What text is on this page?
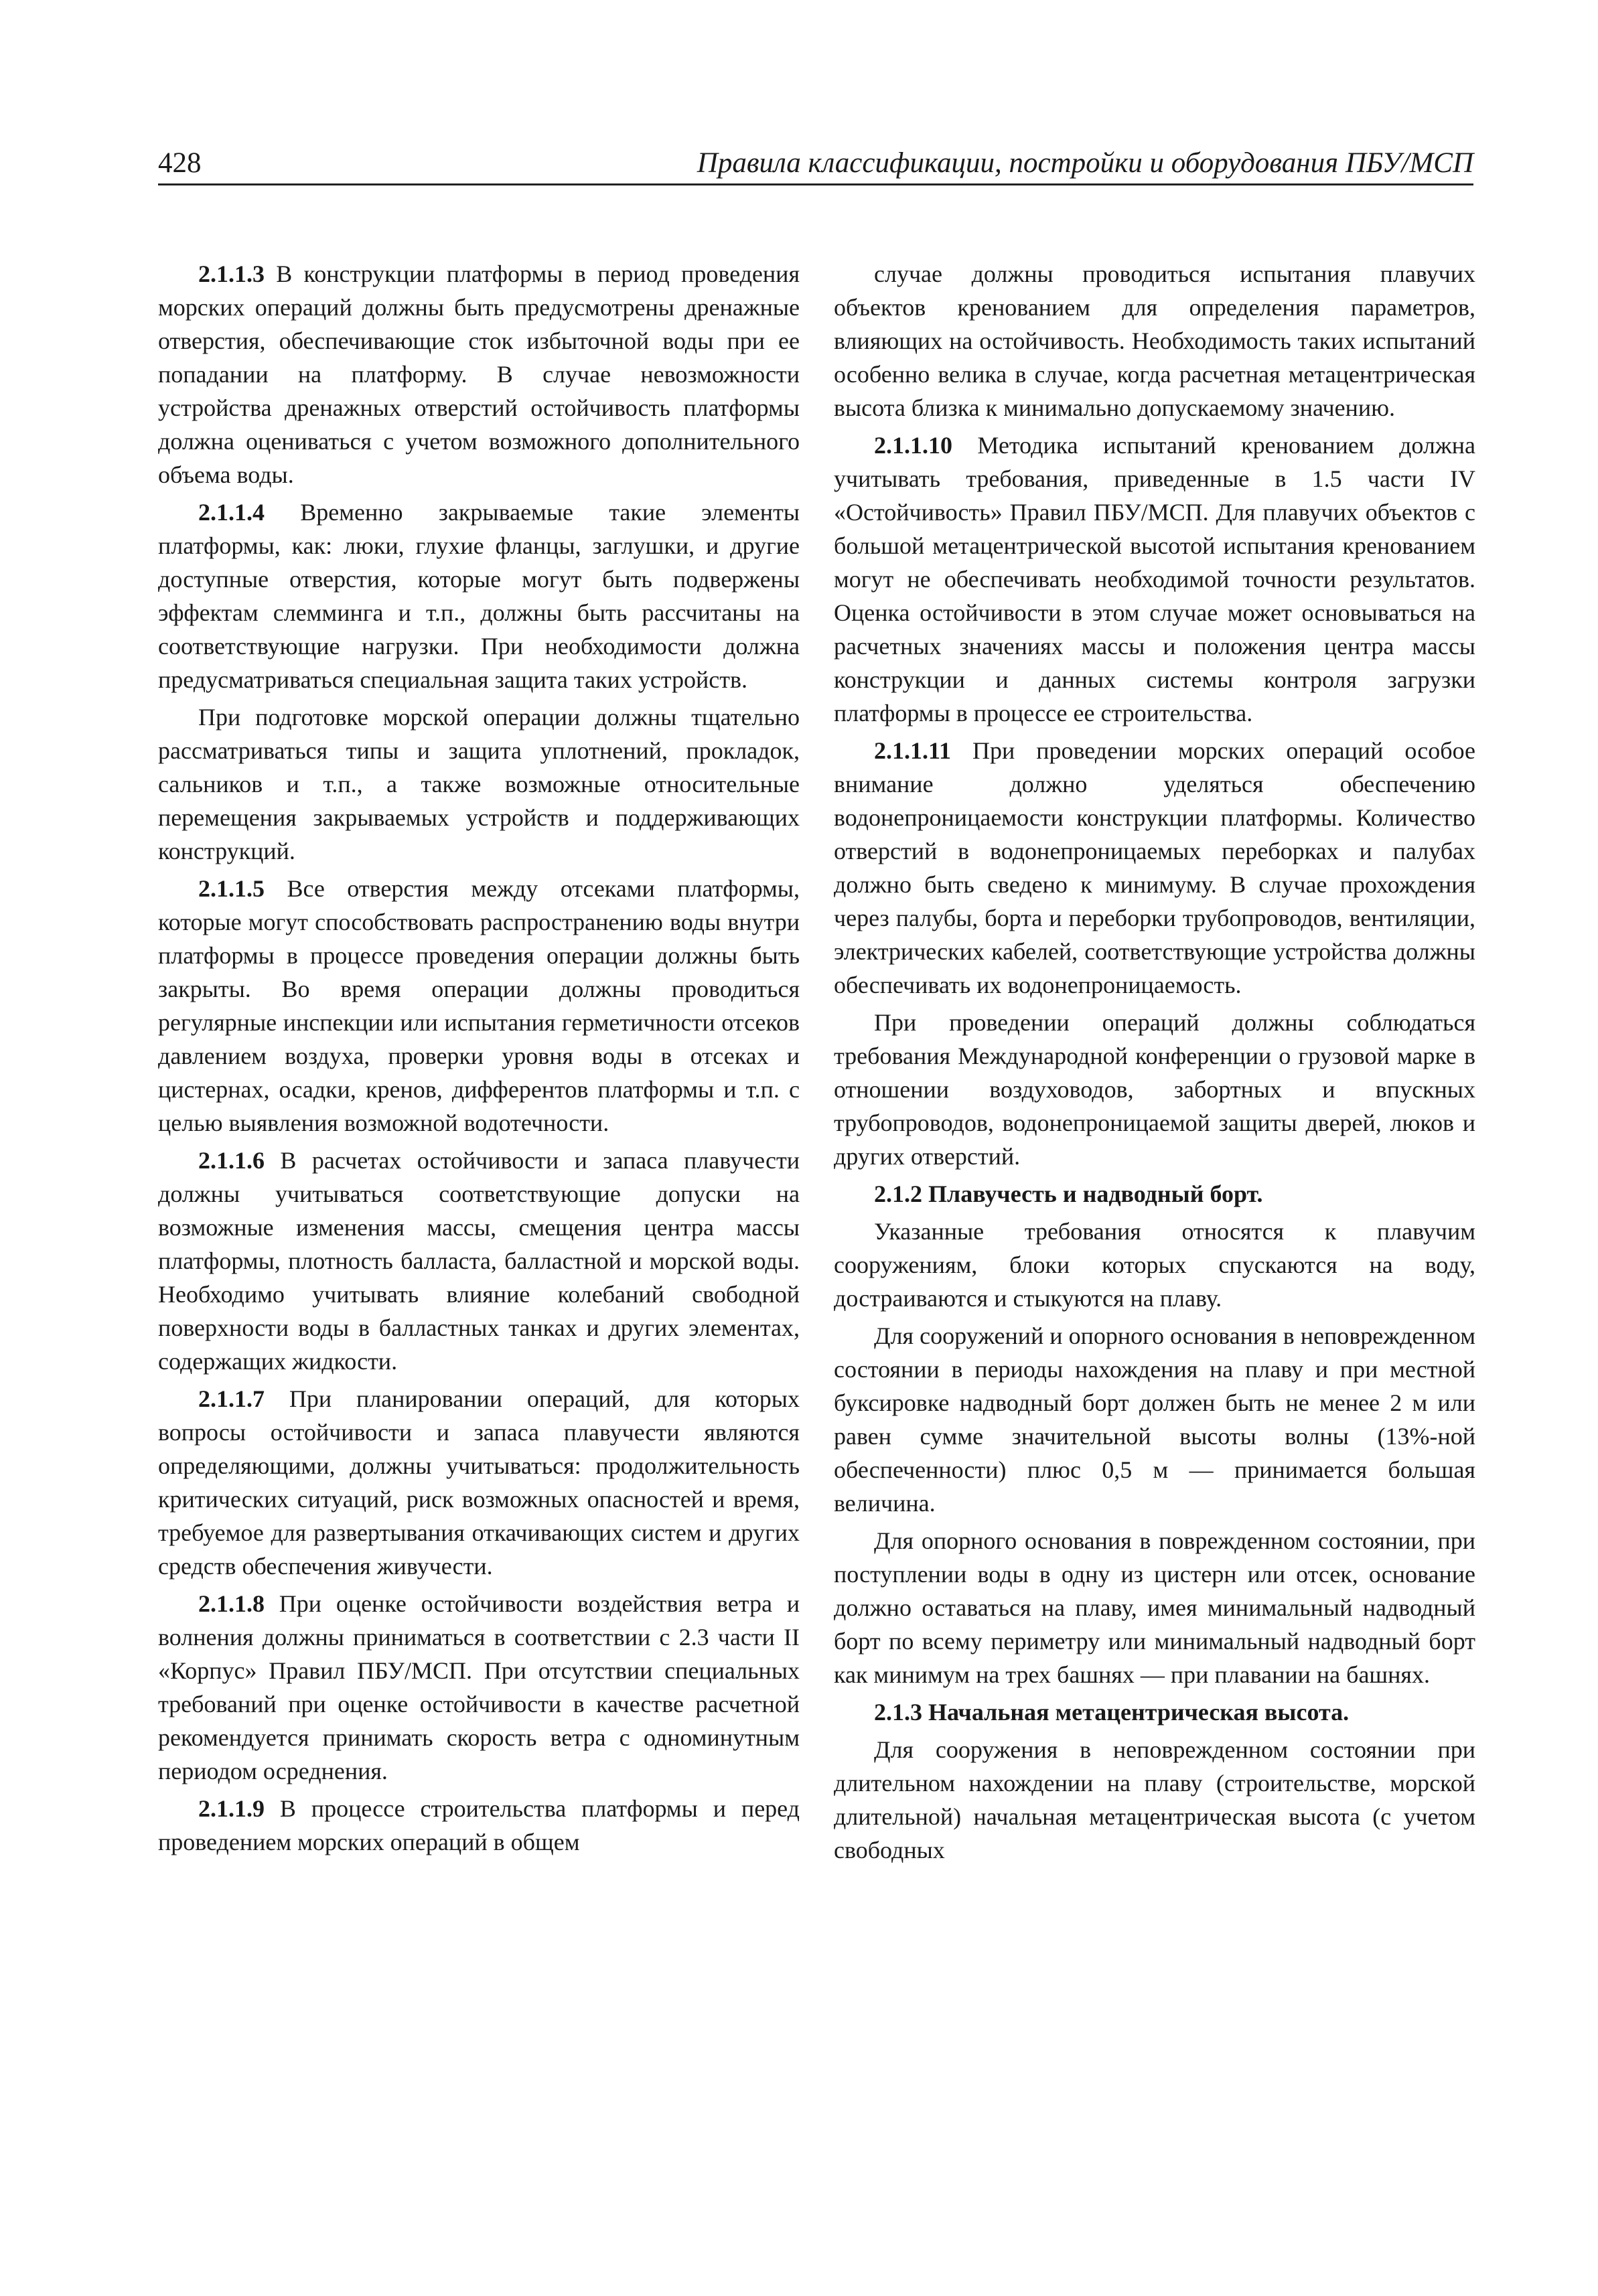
428	Правила классификации, постройки и оборудования ПБУ/МСП

2.1.1.3 В конструкции платформы в период проведения морских операций должны быть предусмотрены дренажные отверстия, обеспечивающие сток избыточной воды при ее попадании на платформу. В случае невозможности устройства дренажных отверстий остойчивость платформы должна оцениваться с учетом возможного дополнительного объема воды.

2.1.1.4 Временно закрываемые такие элементы платформы, как: люки, глухие фланцы, заглушки, и другие доступные отверстия, которые могут быть подвержены эффектам слемминга и т.п., должны быть рассчитаны на соответствующие нагрузки. При необходимости должна предусматриваться специальная защита таких устройств.

При подготовке морской операции должны тщательно рассматриваться типы и защита уплотнений, прокладок, сальников и т.п., а также возможные относительные перемещения закрываемых устройств и поддерживающих конструкций.

2.1.1.5 Все отверстия между отсеками платформы, которые могут способствовать распространению воды внутри платформы в процессе проведения операции должны быть закрыты. Во время операции должны проводиться регулярные инспекции или испытания герметичности отсеков давлением воздуха, проверки уровня воды в отсеках и цистернах, осадки, кренов, дифферентов платформы и т.п. с целью выявления возможной водотечности.

2.1.1.6 В расчетах остойчивости и запаса плавучести должны учитываться соответствующие допуски на возможные изменения массы, смещения центра массы платформы, плотность балласта, балластной и морской воды. Необходимо учитывать влияние колебаний свободной поверхности воды в балластных танках и других элементах, содержащих жидкости.

2.1.1.7 При планировании операций, для которых вопросы остойчивости и запаса плавучести являются определяющими, должны учитываться: продолжительность критических ситуаций, риск возможных опасностей и время, требуемое для развертывания откачивающих систем и других средств обеспечения живучести.

2.1.1.8 При оценке остойчивости воздействия ветра и волнения должны приниматься в соответствии с 2.3 части II «Корпус» Правил ПБУ/МСП. При отсутствии специальных требований при оценке остойчивости в качестве расчетной рекомендуется принимать скорость ветра с одноминутным периодом осреднения.

2.1.1.9 В процессе строительства платформы и перед проведением морских операций в общем

случае должны проводиться испытания плавучих объектов кренованием для определения параметров, влияющих на остойчивость. Необходимость таких испытаний особенно велика в случае, когда расчетная метацентрическая высота близка к минимально допускаемому значению.

2.1.1.10 Методика испытаний кренованием должна учитывать требования, приведенные в 1.5 части IV «Остойчивость» Правил ПБУ/МСП. Для плавучих объектов с большой метацентрической высотой испытания кренованием могут не обеспечивать необходимой точности результатов. Оценка остойчивости в этом случае может основываться на расчетных значениях массы и положения центра массы конструкции и данных системы контроля загрузки платформы в процессе ее строительства.

2.1.1.11 При проведении морских операций особое внимание должно уделяться обеспечению водонепроницаемости конструкции платформы. Количество отверстий в водонепроницаемых переборках и палубах должно быть сведено к минимуму. В случае прохождения через палубы, борта и переборки трубопроводов, вентиляции, электрических кабелей, соответствующие устройства должны обеспечивать их водонепроницаемость.

При проведении операций должны соблюдаться требования Международной конференции о грузовой марке в отношении воздуховодов, забортных и впускных трубопроводов, водонепроницаемой защиты дверей, люков и других отверстий.

2.1.2 Плавучесть и надводный борт.

Указанные требования относятся к плавучим сооружениям, блоки которых спускаются на воду, достраиваются и стыкуются на плаву.

Для сооружений и опорного основания в неповрежденном состоянии в периоды нахождения на плаву и при местной буксировке надводный борт должен быть не менее 2 м или равен сумме значительной высоты волны (13%-ной обеспеченности) плюс 0,5 м — принимается большая величина.

Для опорного основания в поврежденном состоянии, при поступлении воды в одну из цистерн или отсек, основание должно оставаться на плаву, имея минимальный надводный борт по всему периметру или минимальный надводный борт как минимум на трех башнях — при плавании на башнях.

2.1.3 Начальная метацентрическая высота.

Для сооружения в неповрежденном состоянии при длительном нахождении на плаву (строительстве, морской длительной) начальная метацентрическая высота (с учетом свободных
